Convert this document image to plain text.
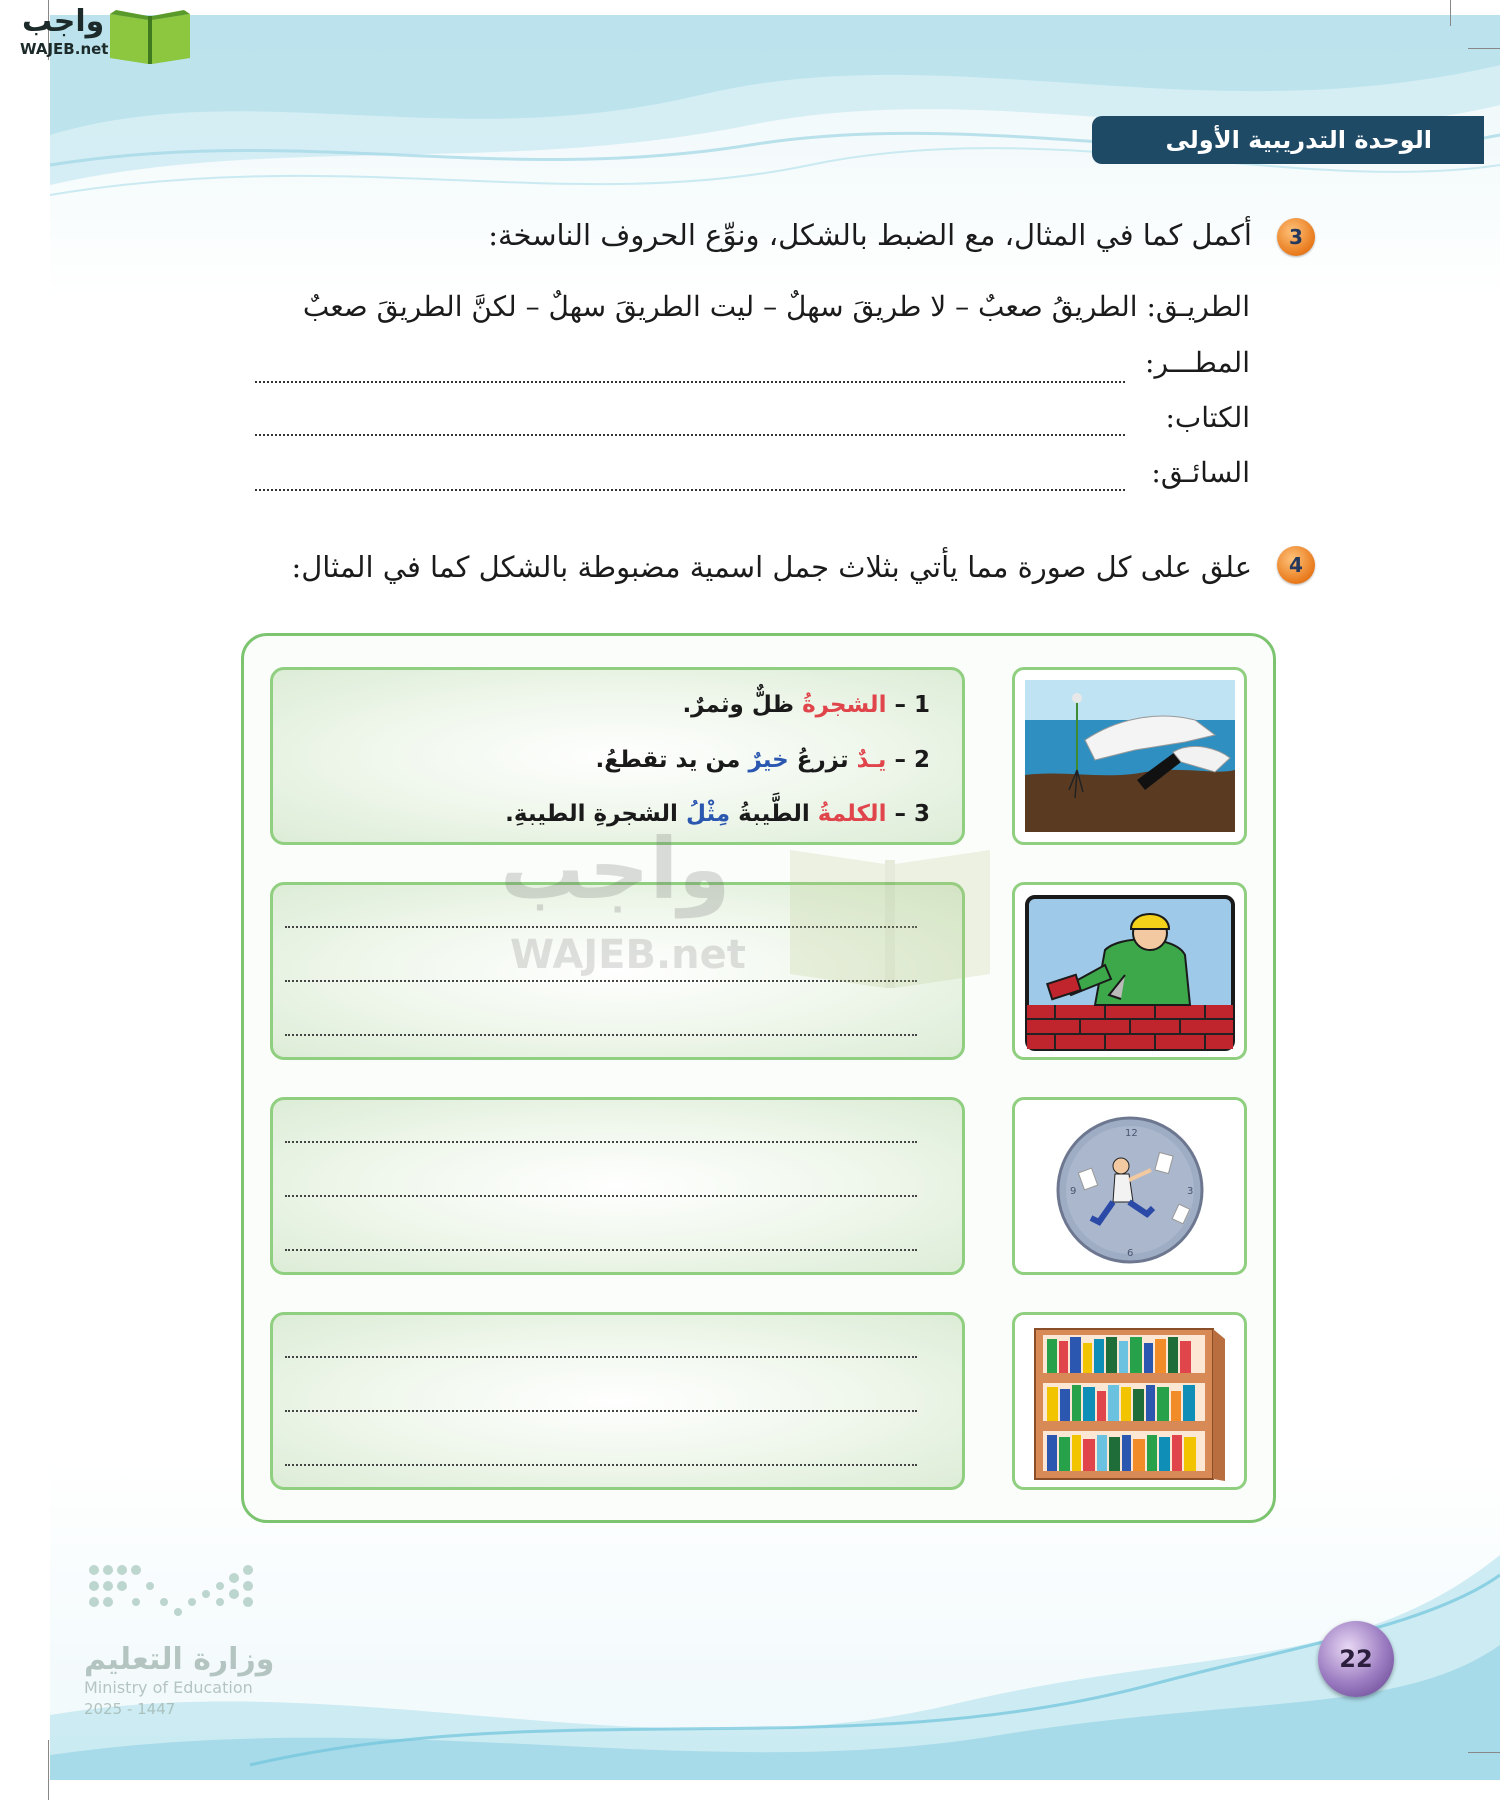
واجب
WAJEB.net
الوحدة التدريبية الأولى
3
أكمل كما في المثال، مع الضبط بالشكل، ونوِّع الحروف الناسخة:
الطريـق: الطريقُ صعبٌ – لا طريقَ سهلٌ – ليت الطريقَ سهلٌ – لكنَّ الطريقَ صعبٌ
المطـــر:
الكتاب:
السائـق:
4
علق على كل صورة مما يأتي بثلاث جمل اسمية مضبوطة بالشكل كما في المثال:
1 – الشجرةُ ظلٌّ وثمرٌ.
2 – يـدٌ تزرعُ خيرٌ من يد تقطعُ.
3 – الكلمةُ الطَّيبةُ مِثْلُ الشجرةِ الطيبةِ.
12
3
6
9
واجب
WAJEB.net
وزارة التعليم
Ministry of Education
2025 - 1447
22
